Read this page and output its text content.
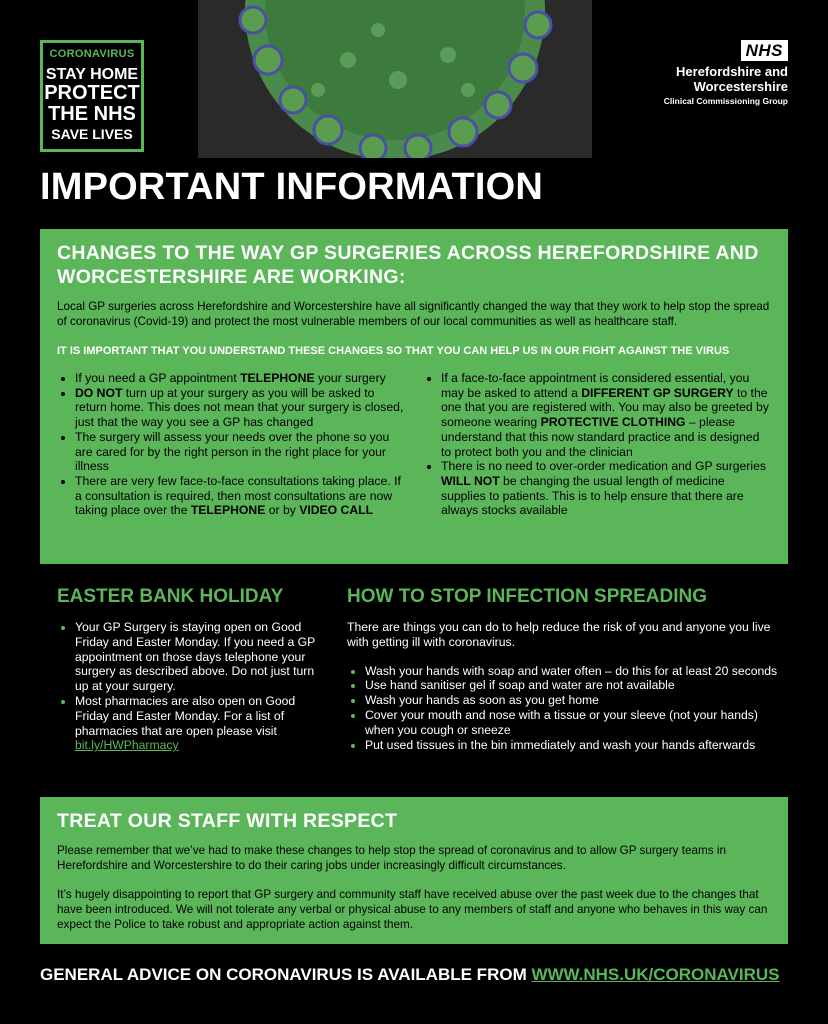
CORONAVIRUS
STAY HOME
PROTECT
THE NHS
SAVE LIVES
NHS
Herefordshire and
Worcestershire
Clinical Commissioning Group
IMPORTANT INFORMATION
CHANGES TO THE WAY GP SURGERIES ACROSS HEREFORDSHIRE AND WORCESTERSHIRE ARE WORKING:

Local GP surgeries across Herefordshire and Worcestershire have all significantly changed the way that they work to help stop the spread of coronavirus (Covid-19) and protect the most vulnerable members of our local communities as well as healthcare staff.

IT IS IMPORTANT THAT YOU UNDERSTAND THESE CHANGES SO THAT YOU CAN HELP US IN OUR FIGHT AGAINST THE VIRUS

• If you need a GP appointment TELEPHONE your surgery
• DO NOT turn up at your surgery as you will be asked to return home. This does not mean that your surgery is closed, just that the way you see a GP has changed
• The surgery will assess your needs over the phone so you are cared for by the right person in the right place for your illness
• There are very few face-to-face consultations taking place. If a consultation is required, then most consultations are now taking place over the TELEPHONE or by VIDEO CALL
• If a face-to-face appointment is considered essential, you may be asked to attend a DIFFERENT GP SURGERY to the one that you are registered with. You may also be greeted by someone wearing PROTECTIVE CLOTHING – please understand that this now standard practice and is designed to protect both you and the clinician
• There is no need to over-order medication and GP surgeries WILL NOT be changing the usual length of medicine supplies to patients. This is to help ensure that there are always stocks available
EASTER BANK HOLIDAY
• Your GP Surgery is staying open on Good Friday and Easter Monday. If you need a GP appointment on those days telephone your surgery as described above. Do not just turn up at your surgery.
• Most pharmacies are also open on Good Friday and Easter Monday. For a list of pharmacies that are open please visit bit.ly/HWPharmacy
HOW TO STOP INFECTION SPREADING

There are things you can do to help reduce the risk of you and anyone you live with getting ill with coronavirus.

• Wash your hands with soap and water often – do this for at least 20 seconds
• Use hand sanitiser gel if soap and water are not available
• Wash your hands as soon as you get home
• Cover your mouth and nose with a tissue or your sleeve (not your hands) when you cough or sneeze
• Put used tissues in the bin immediately and wash your hands afterwards
TREAT OUR STAFF WITH RESPECT

Please remember that we’ve had to make these changes to help stop the spread of coronavirus and to allow GP surgery teams in Herefordshire and Worcestershire to do their caring jobs under increasingly difficult circumstances.

It’s hugely disappointing to report that GP surgery and community staff have received abuse over the past week due to the changes that have been introduced. We will not tolerate any verbal or physical abuse to any members of staff and anyone who behaves in this way can expect the Police to take robust and appropriate action against them.

GENERAL ADVICE ON CORONAVIRUS IS AVAILABLE FROM WWW.NHS.UK/CORONAVIRUS
